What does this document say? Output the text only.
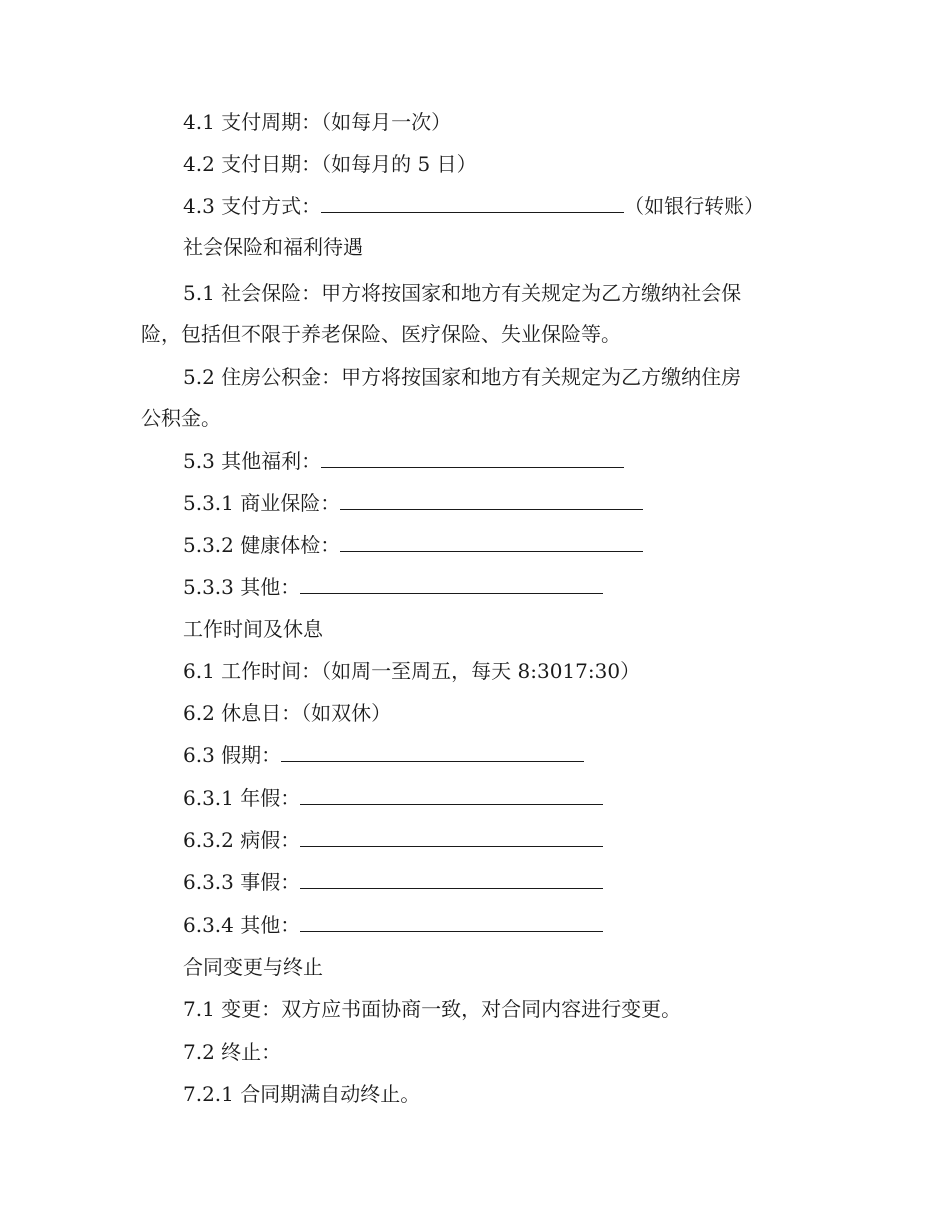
4.1 支付周期：（如每月一次）
4.2 支付日期：（如每月的 5 日）
4.3 支付方式：	（如银行转账）
社会保险和福利待遇
5.1 社会保险：甲方将按国家和地方有关规定为乙方缴纳社会保
险，包括但不限于养老保险、医疗保险、失业保险等。
5.2 住房公积金：甲方将按国家和地方有关规定为乙方缴纳住房
公积金。
5.3 其他福利：
5.3.1 商业保险：
5.3.2 健康体检：
5.3.3 其他：
工作时间及休息
6.1 工作时间：（如周一至周五，每天 8:3017:30）
6.2 休息日：（如双休）
6.3 假期：
6.3.1 年假：
6.3.2 病假：
6.3.3 事假：
6.3.4 其他：
合同变更与终止
7.1 变更：双方应书面协商一致，对合同内容进行变更。
7.2 终止：
7.2.1 合同期满自动终止。
